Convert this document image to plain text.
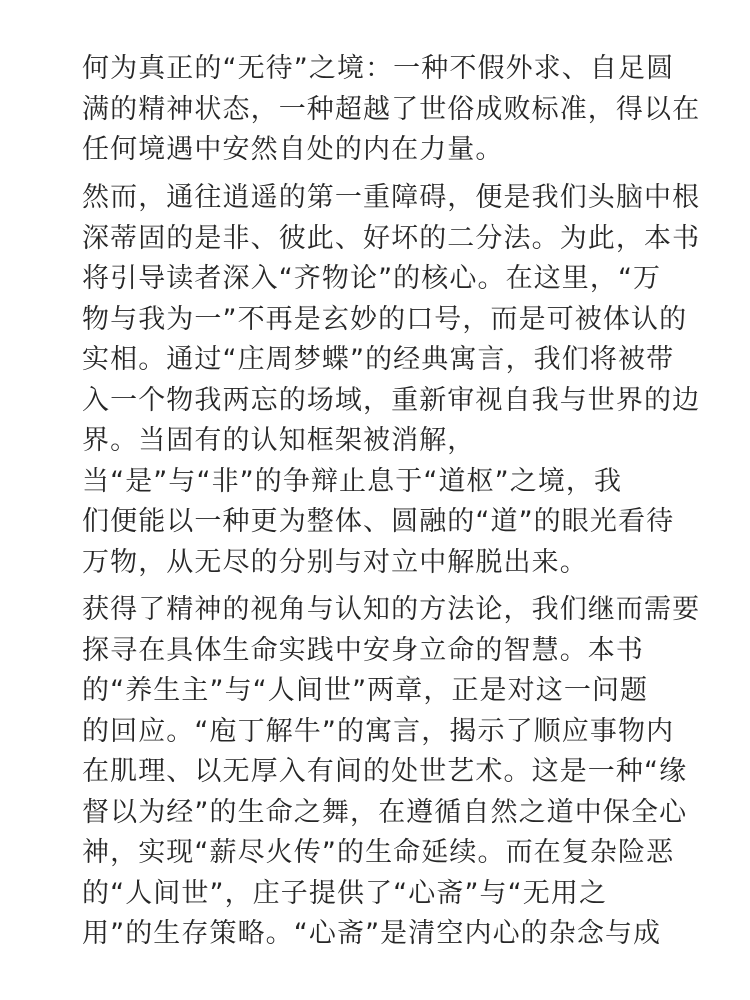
何为真正的“无待”之境：一种不假外求、自足圆
满的精神状态，一种超越了世俗成败标准，得以在
任何境遇中安然自处的内在力量。
然而，通往逍遥的第一重障碍，便是我们头脑中根
深蒂固的是非、彼此、好坏的二分法。为此，本书
将引导读者深入“齐物论”的核心。在这里，“万
物与我为一”不再是玄妙的口号，而是可被体认的
实相。通过“庄周梦蝶”的经典寓言，我们将被带
入一个物我两忘的场域，重新审视自我与世界的边
界。当固有的认知框架被消解，
当“是”与“非”的争辩止息于“道枢”之境，我
们便能以一种更为整体、圆融的“道”的眼光看待
万物，从无尽的分别与对立中解脱出来。
获得了精神的视角与认知的方法论，我们继而需要
探寻在具体生命实践中安身立命的智慧。本书
的“养生主”与“人间世”两章，正是对这一问题
的回应。“庖丁解牛”的寓言，揭示了顺应事物内
在肌理、以无厚入有间的处世艺术。这是一种“缘
督以为经”的生命之舞，在遵循自然之道中保全心
神，实现“薪尽火传”的生命延续。而在复杂险恶
的“人间世”，庄子提供了“心斋”与“无用之
用”的生存策略。“心斋”是清空内心的杂念与成
